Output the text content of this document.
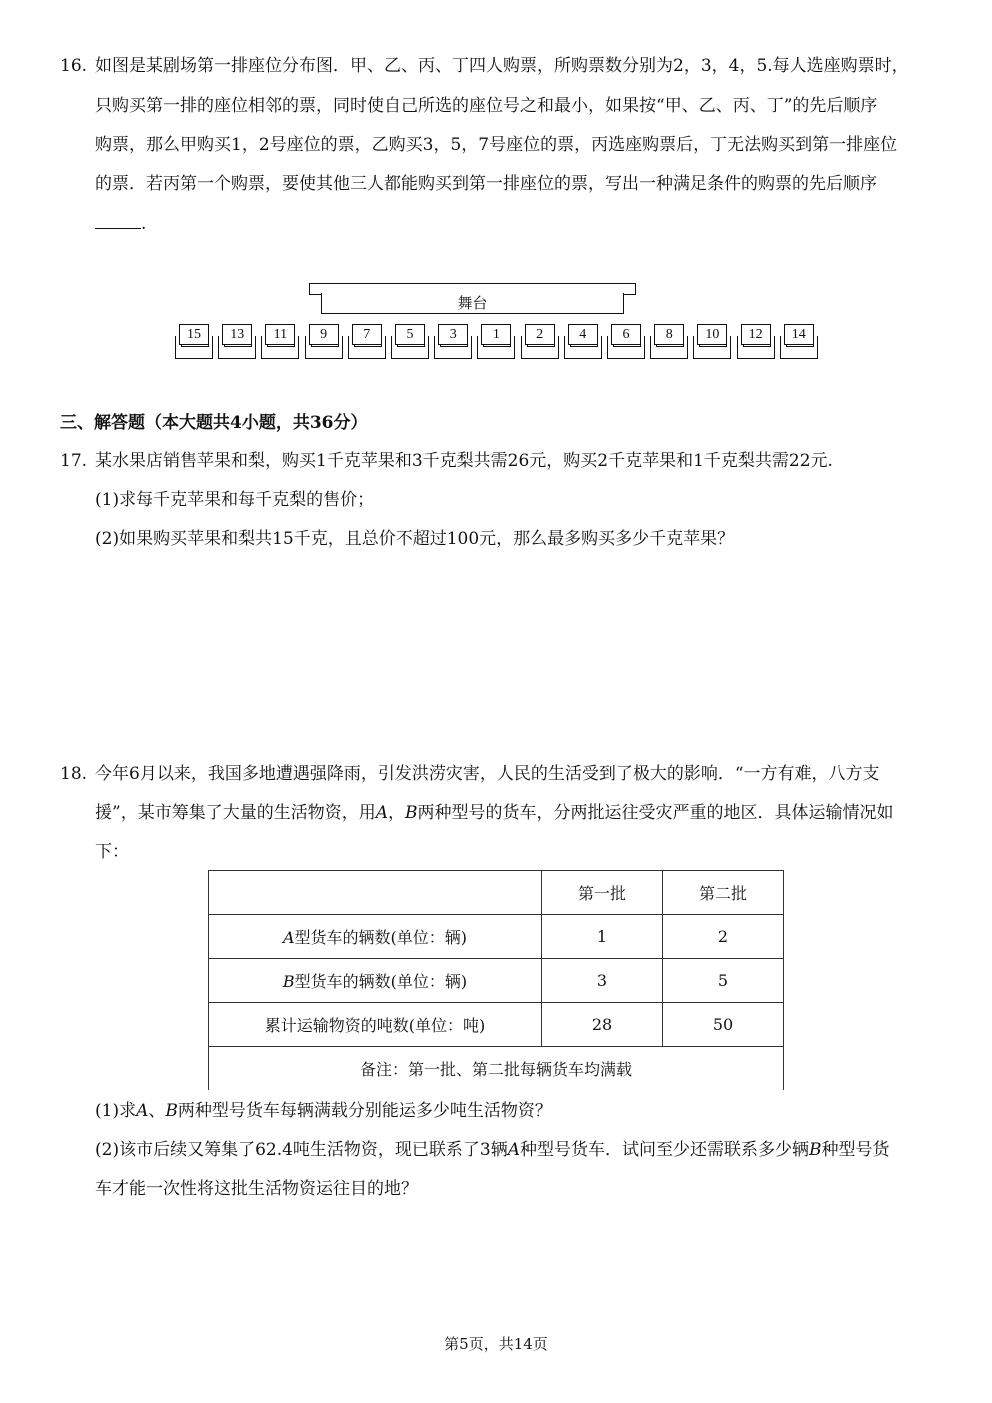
16. 如图是某剧场第一排座位分布图．甲、乙、丙、丁四人购票，所购票数分别为2，3，4，5.每人选座购票时，
只购买第一排的座位相邻的票，同时使自己所选的座位号之和最小，如果按“甲、乙、丙、丁”的先后顺序
购票，那么甲购买1，2号座位的票，乙购买3，5，7号座位的票，丙选座购票后，丁无法购买到第一排座位
的票．若丙第一个购票，要使其他三人都能购买到第一排座位的票，写出一种满足条件的购票的先后顺序
.
舞台
15	13	11	9	7	5	3	1	2	4	6	8	10	12	14
三、解答题（本大题共4小题，共36分）
17. 某水果店销售苹果和梨，购买1千克苹果和3千克梨共需26元，购买2千克苹果和1千克梨共需22元.
(1)求每千克苹果和每千克梨的售价；
(2)如果购买苹果和梨共15千克，且总价不超过100元，那么最多购买多少千克苹果？
18. 今年6月以来，我国多地遭遇强降雨，引发洪涝灾害，人民的生活受到了极大的影响．“一方有难，八方支
援”，某市筹集了大量的生活物资，用A，B两种型号的货车，分两批运往受灾严重的地区．具体运输情况如
下：
	第一批	第二批
A型货车的辆数(单位：辆)	1	2
B型货车的辆数(单位：辆)	3	5
累计运输物资的吨数(单位：吨)	28	50
备注：第一批、第二批每辆货车均满载		
(1)求A、B两种型号货车每辆满载分别能运多少吨生活物资？
(2)该市后续又筹集了62.4吨生活物资，现已联系了3辆A种型号货车．试问至少还需联系多少辆B种型号货
车才能一次性将这批生活物资运往目的地？
第5页，共14页
